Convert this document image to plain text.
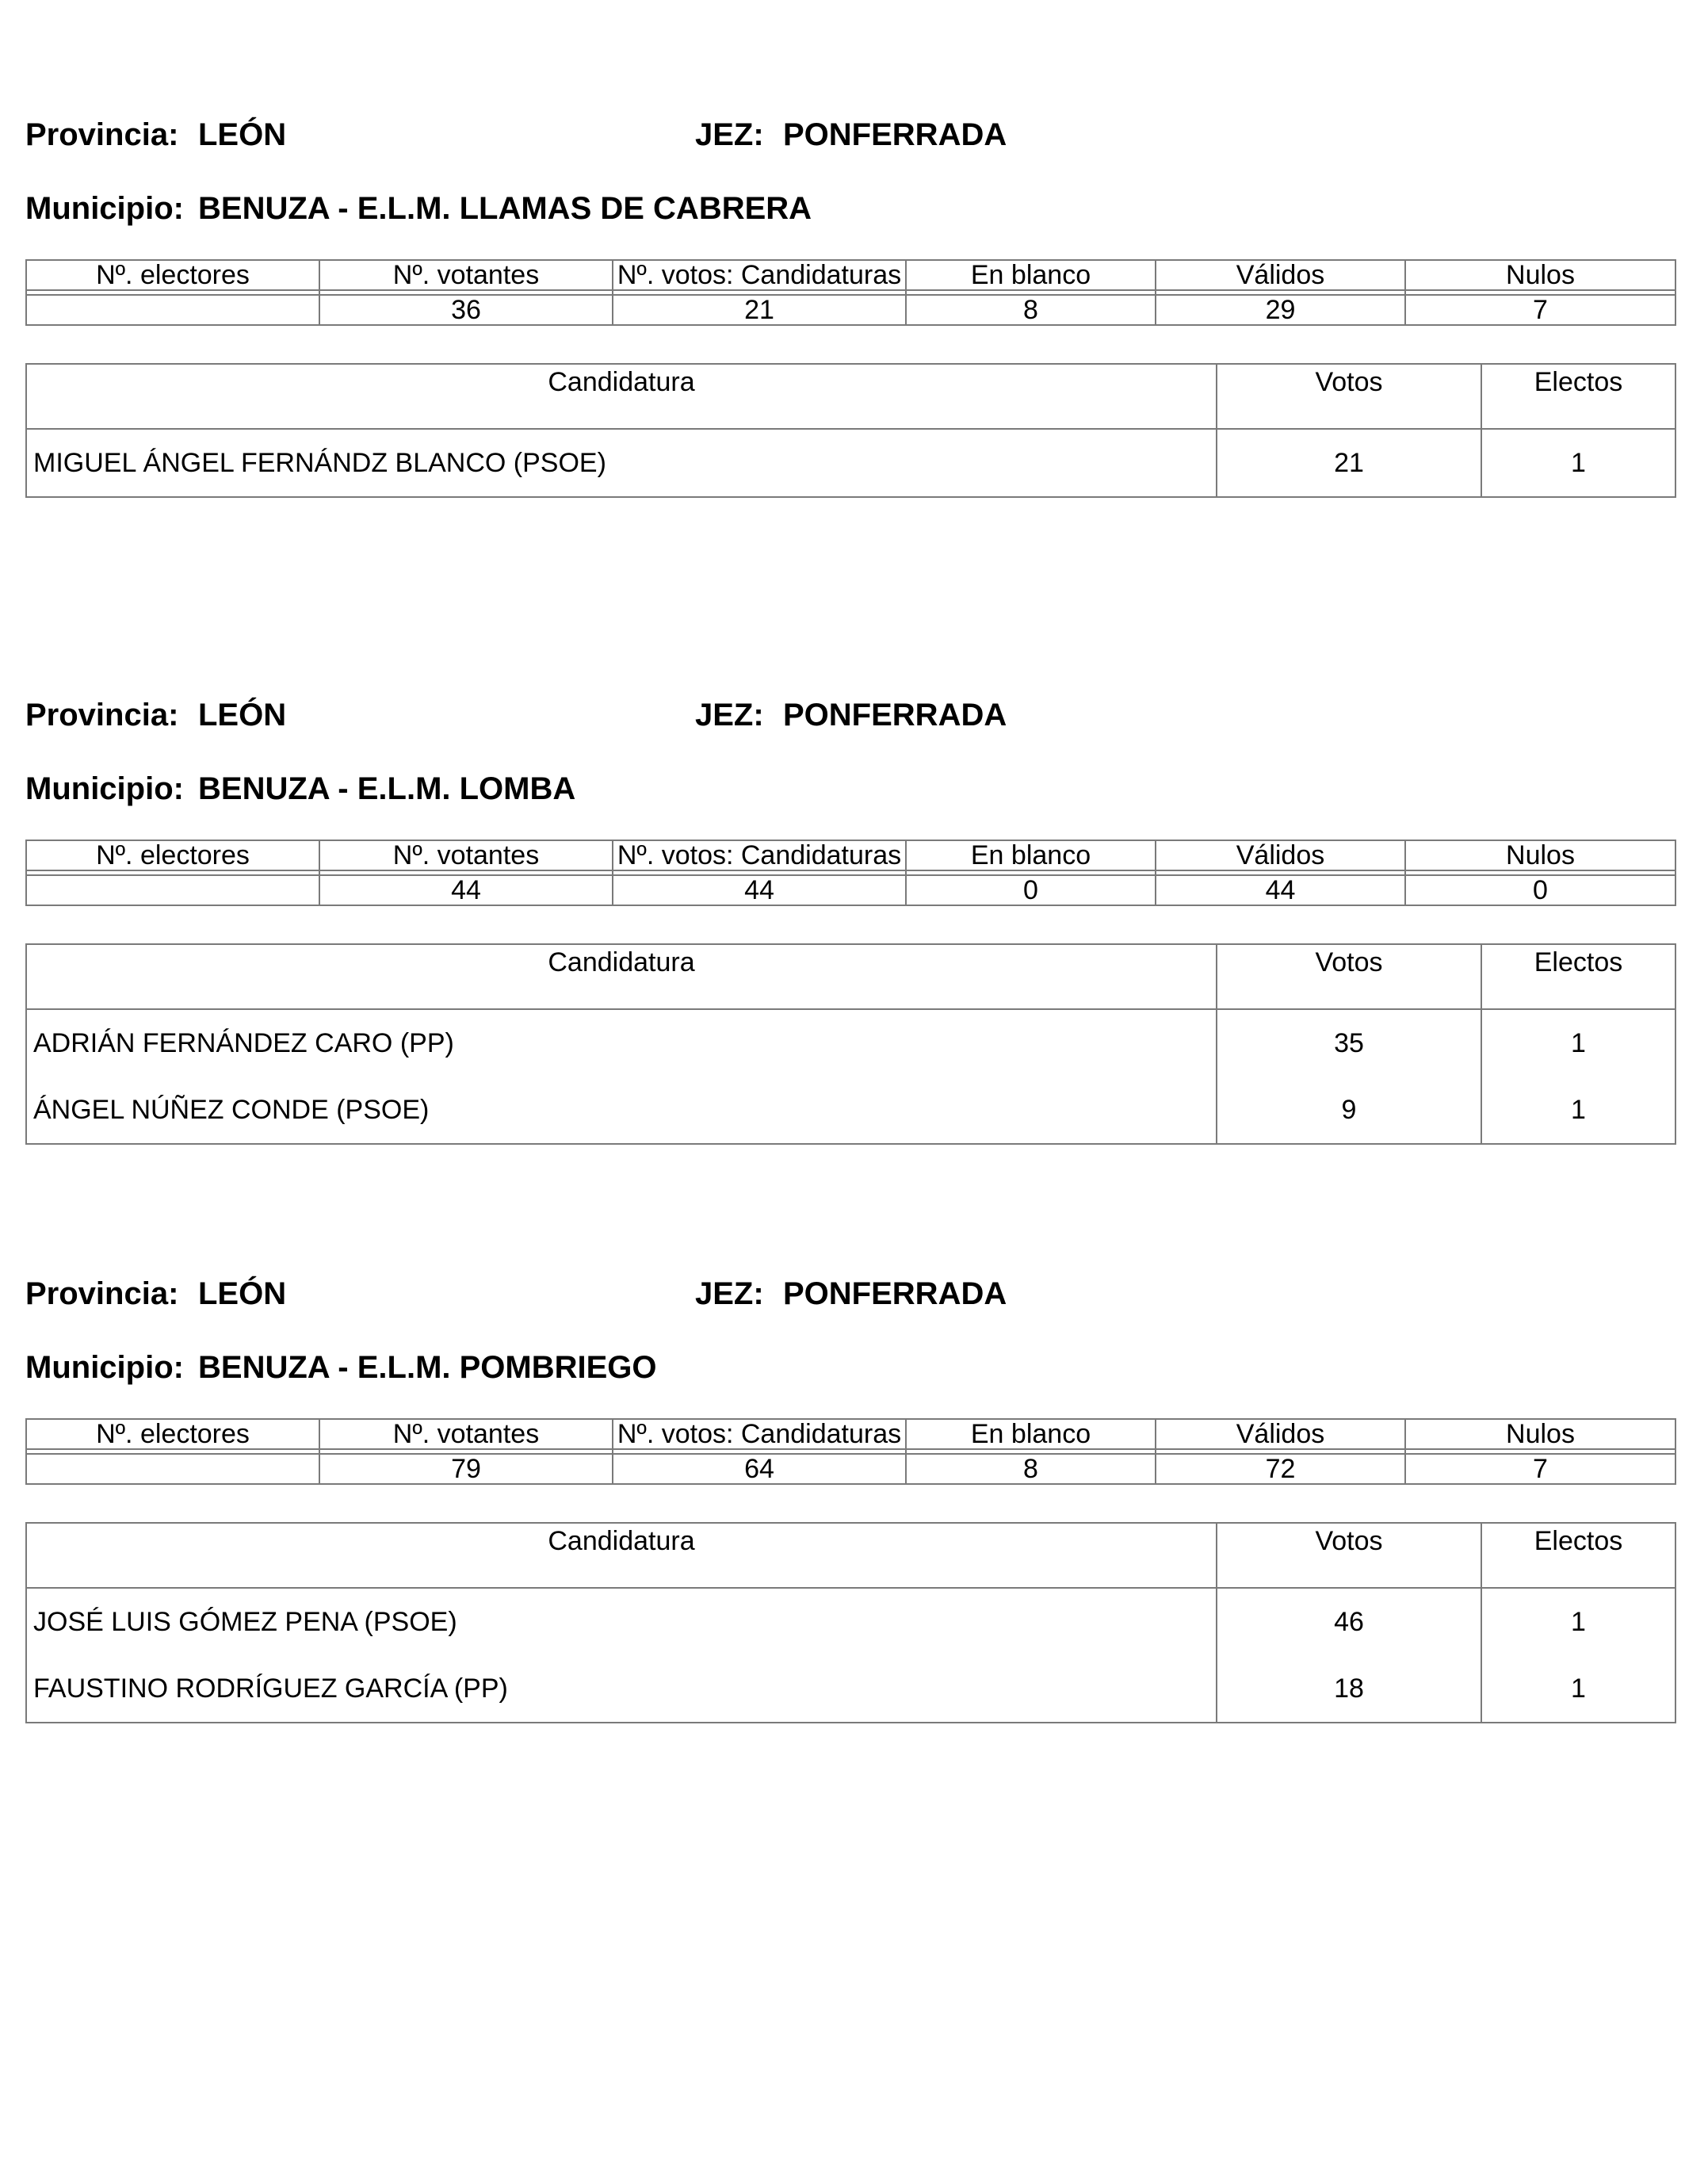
Provincia: LEÓN	JEZ: PONFERRADA
Municipio: BENUZA - E.L.M. LLAMAS DE CABRERA
Nº. electores	Nº. votantes	Nº. votos: Candidaturas	En blanco	Válidos	Nulos

	36	21	8	29	7
Candidatura	Votos	Electos
MIGUEL ÁNGEL FERNÁNDZ BLANCO (PSOE)	21	1
Provincia: LEÓN	JEZ: PONFERRADA
Municipio: BENUZA - E.L.M. LOMBA
Nº. electores	Nº. votantes	Nº. votos: Candidaturas	En blanco	Válidos	Nulos

	44	44	0	44	0
Candidatura	Votos	Electos
ADRIÁN FERNÁNDEZ CARO (PP)	35	1
ÁNGEL NÚÑEZ CONDE (PSOE)	9	1
Provincia: LEÓN	JEZ: PONFERRADA
Municipio: BENUZA - E.L.M. POMBRIEGO
Nº. electores	Nº. votantes	Nº. votos: Candidaturas	En blanco	Válidos	Nulos

	79	64	8	72	7
Candidatura	Votos	Electos
JOSÉ LUIS GÓMEZ PENA (PSOE)	46	1
FAUSTINO RODRÍGUEZ GARCÍA (PP)	18	1
